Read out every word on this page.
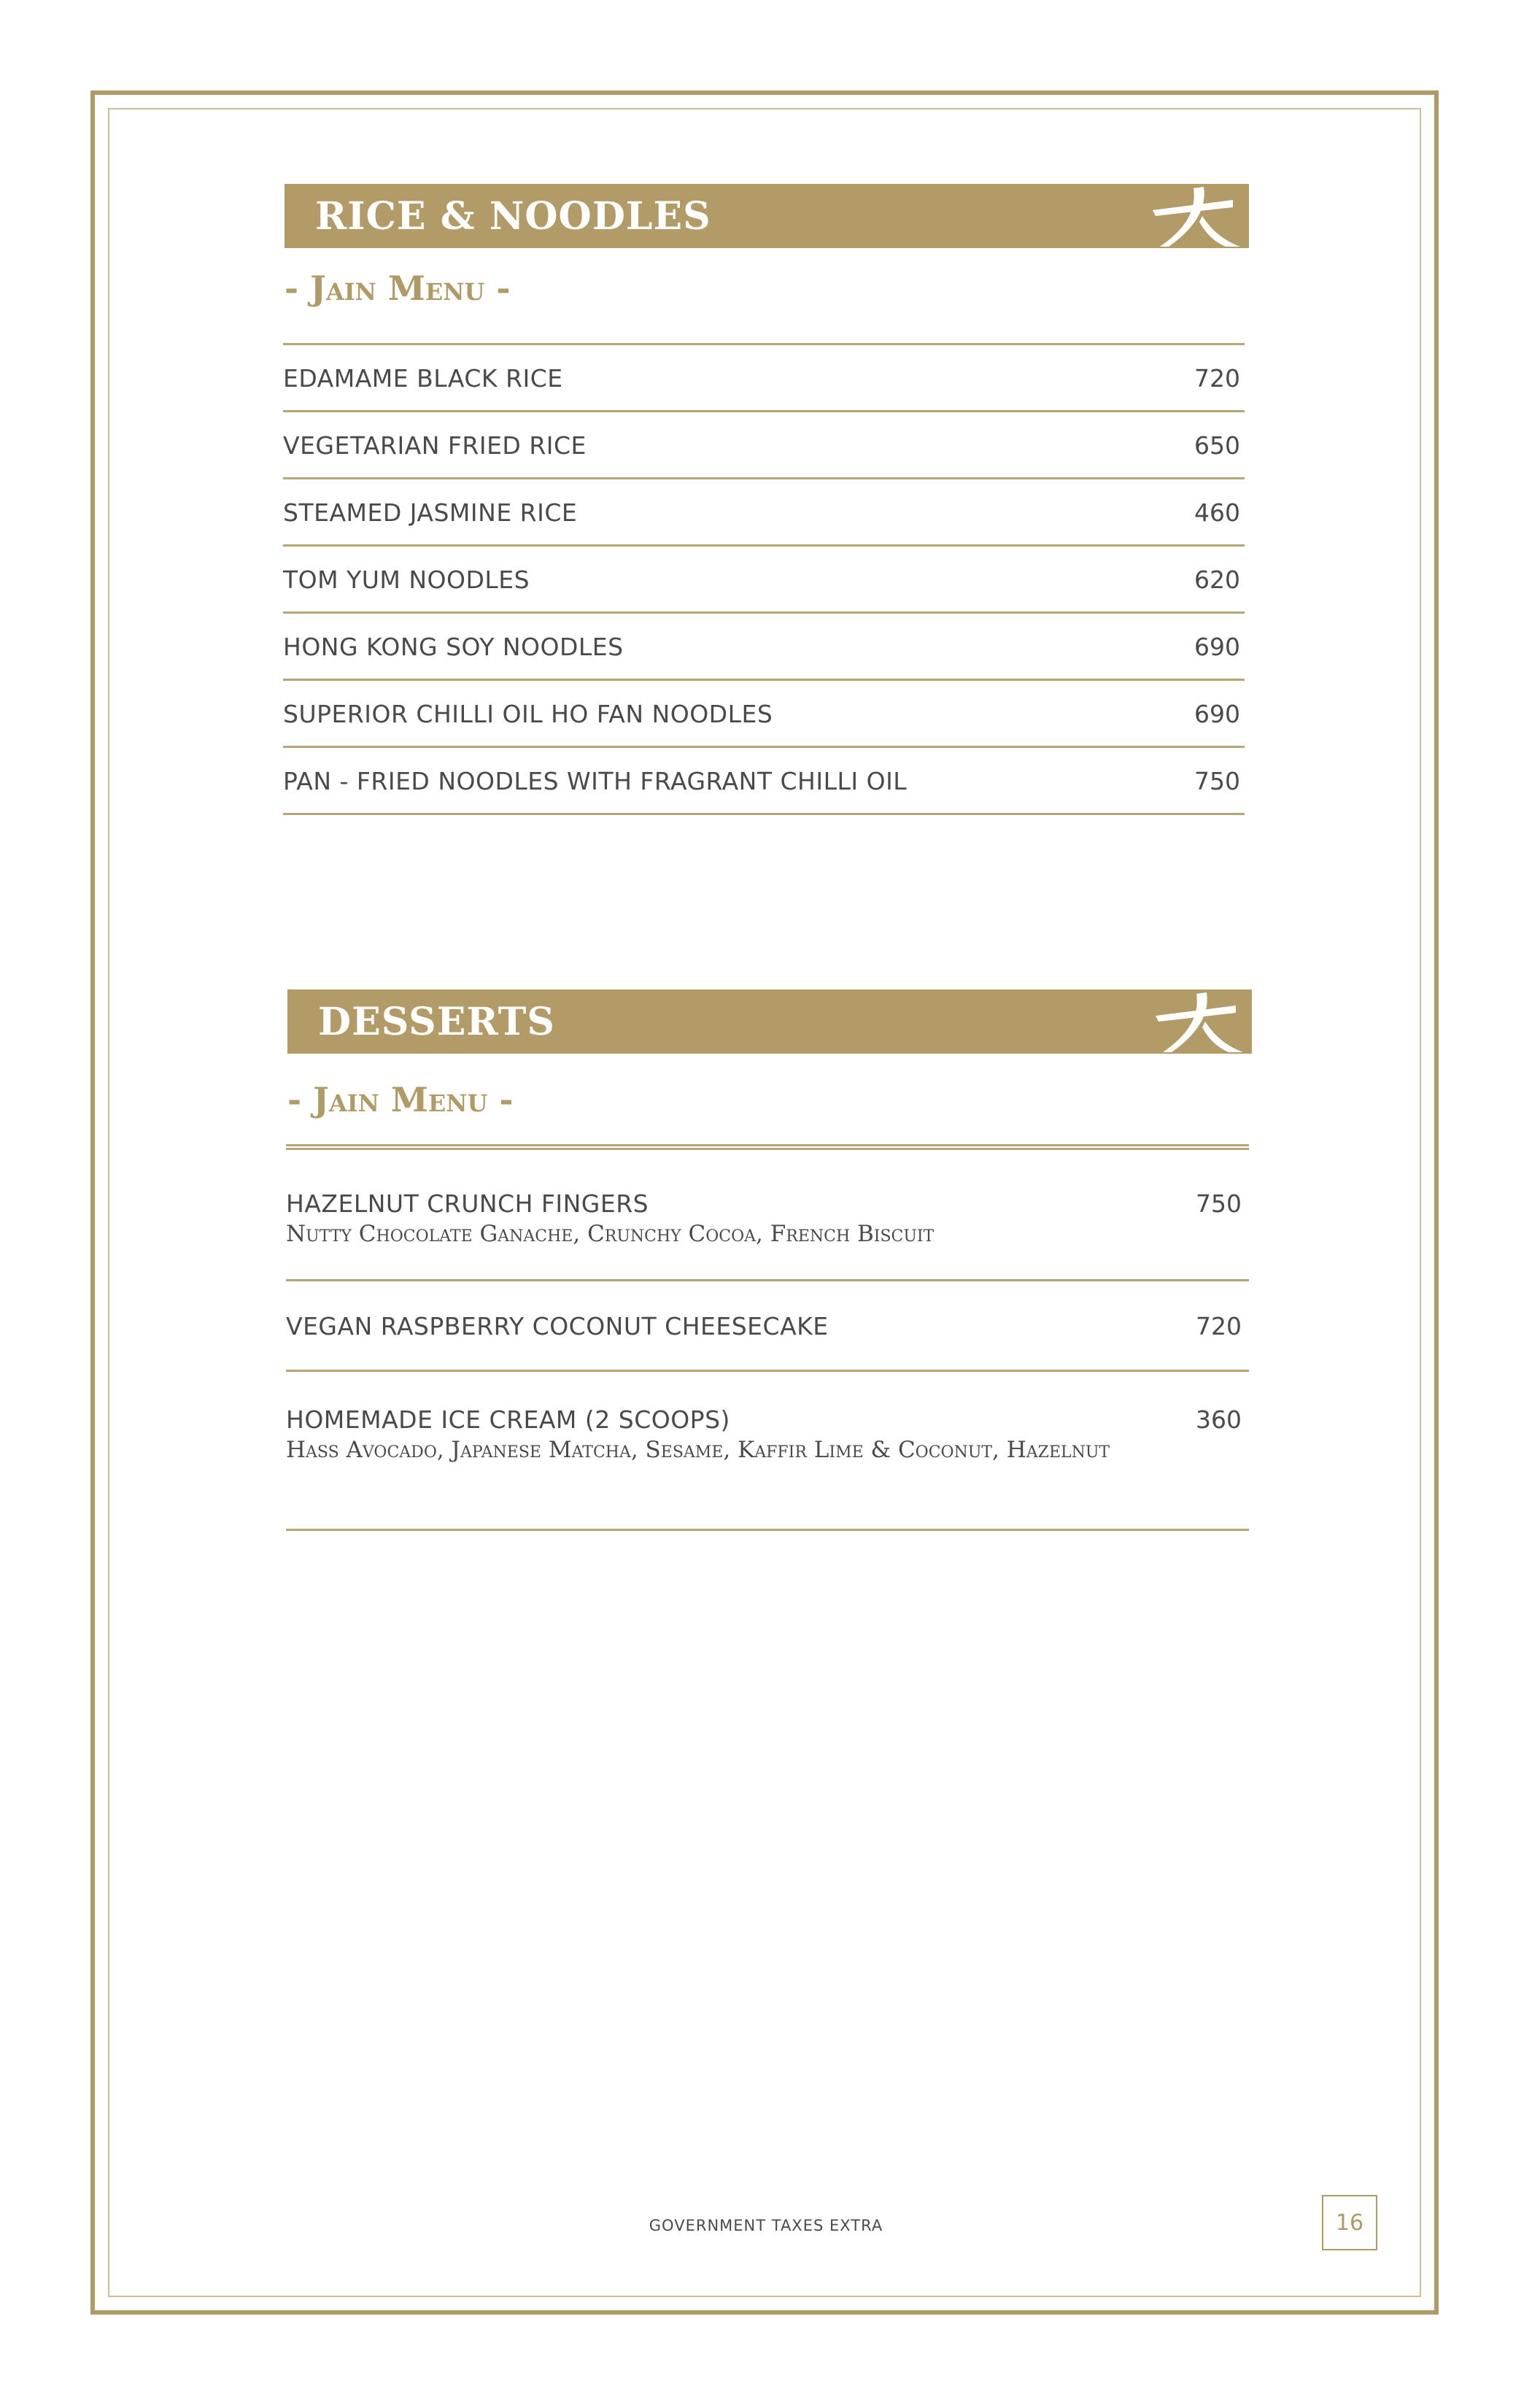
RICE & NOODLES
- Jain Menu -
EDAMAME BLACK RICE	720
VEGETARIAN FRIED RICE	650
STEAMED JASMINE RICE	460
TOM YUM NOODLES	620
HONG KONG SOY NOODLES	690
SUPERIOR CHILLI OIL HO FAN NOODLES	690
PAN - FRIED NOODLES WITH FRAGRANT CHILLI OIL	750
DESSERTS
- Jain Menu -
HAZELNUT CRUNCH FINGERS	750
Nutty Chocolate Ganache, Crunchy Cocoa, French Biscuit
VEGAN RASPBERRY COCONUT CHEESECAKE	720
HOMEMADE ICE CREAM (2 SCOOPS)	360
Hass Avocado, Japanese Matcha, Sesame, Kaffir Lime & Coconut, Hazelnut
GOVERNMENT TAXES EXTRA	16
